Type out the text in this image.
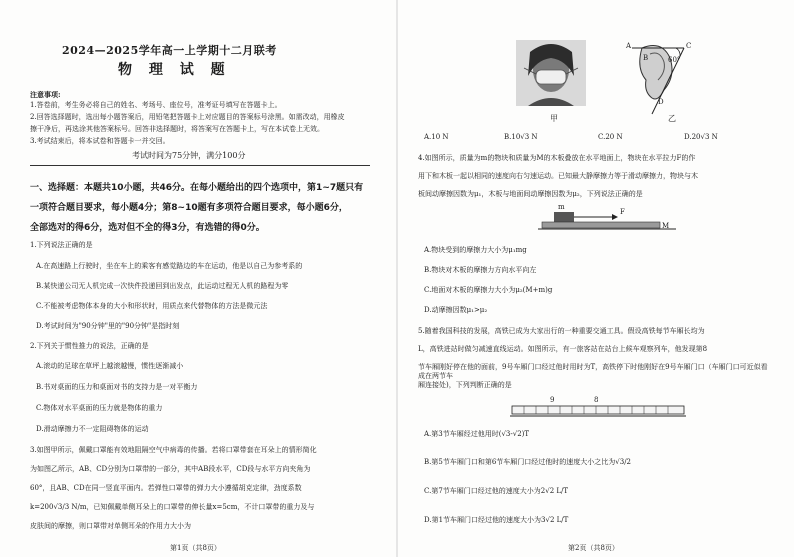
2024—2025学年高一上学期十二月联考
物 理 试 题
注意事项:
1.答卷前，考生务必将自己的姓名、考场号、座位号，准考证号填写在答题卡上。
2.回答选择题时，选出每小题答案后，用铅笔把答题卡上对应题目的答案标号涂黑。如需改动，用橡皮
擦干净后，再选涂其他答案标号。回答非选择题时，将答案写在答题卡上，写在本试卷上无效。
3.考试结束后，将本试卷和答题卡一并交回。
考试时间为75分钟，满分100分
一、选择题：本题共10小题，共46分。在每小题给出的四个选项中，第1~7题只有
一项符合题目要求，每小题4分；第8~10题有多项符合题目要求，每小题6分，
全部选对的得6分，选对但不全的得3分，有选错的得0分。
1.下列说法正确的是
A.在高速路上行驶时，坐在车上的乘客有感觉路边的车在运动，他是以自己为参考系的
B.某快递公司无人机完成一次快件投递回到出发点，此运动过程无人机的路程为零
C.不能被考虑物体本身的大小和形状时，用质点来代替物体的方法是微元法
D.考试时间为"90分钟"里的"90分钟"是指时刻
2.下列关于惯性推力的说法，正确的是
A.滚动的足球在草坪上越滚越慢，惯性逐渐减小
B.书对桌面的压力和桌面对书的支持力是一对平衡力
C.物体对水平桌面的压力就是物体的重力
D.滑动摩擦力不一定阻碍物体的运动
3.如图甲所示，佩戴口罩能有效地阻隔空气中病毒的传播。若将口罩带套在耳朵上的情形简化
为如图乙所示，AB、CD分别为口罩带的一部分，其中AB段水平，CD段与水平方向夹角为
60°，且AB、CD在同一竖直平面内。若弹性口罩带的弹力大小遵循胡克定律，劲度系数
k=200√3/3 N/m，已知佩戴单侧耳朵上的口罩带的伸长量x=5cm，不计口罩带的重力及与
皮肤间的摩擦，则口罩带对单侧耳朵的作用力大小为
第1页（共8页）
甲
A
B
C
D
60°
乙
A.10 N	B.10√3 N	C.20 N	D.20√3 N
4.如图所示，质量为m的物块和质量为M的木板叠放在水平地面上，物块在水平拉力F的作
用下和木板一起以相同的速度向右匀速运动。已知最大静摩擦力等于滑动摩擦力，物块与木
板间动摩擦因数为μ₁，木板与地面间动摩擦因数为μ₂，下列说法正确的是
m
F
M
A.物块受到的摩擦力大小为μ₁mg
B.物块对木板的摩擦力方向水平向左
C.地面对木板的摩擦力大小为μ₂(M+m)g
D.动摩擦因数μ₁>μ₂
5.随着我国科技的发展，高铁已成为大家出行的一种重要交通工具。假设高铁每节车厢长均为
L，高铁进站时做匀减速直线运动。如图所示，有一旅客站在站台上候车观察列车，他发现第8
节车厢刚好停在他的面前，9号车厢门口经过他时用时为T，高铁停下时他刚好在9号车厢门口（车厢门口可近似看成在两节车
厢连接处)，下列判断正确的是
9	8
A.第3节车厢经过他用时(√3-√2)T
B.第5节车厢门口和第6节车厢门口经过他时的速度大小之比为√3/2
C.第7节车厢门口经过他的速度大小为2√2 L/T
D.第1节车厢门口经过他的速度大小为3√2 L/T
第2页（共8页）
